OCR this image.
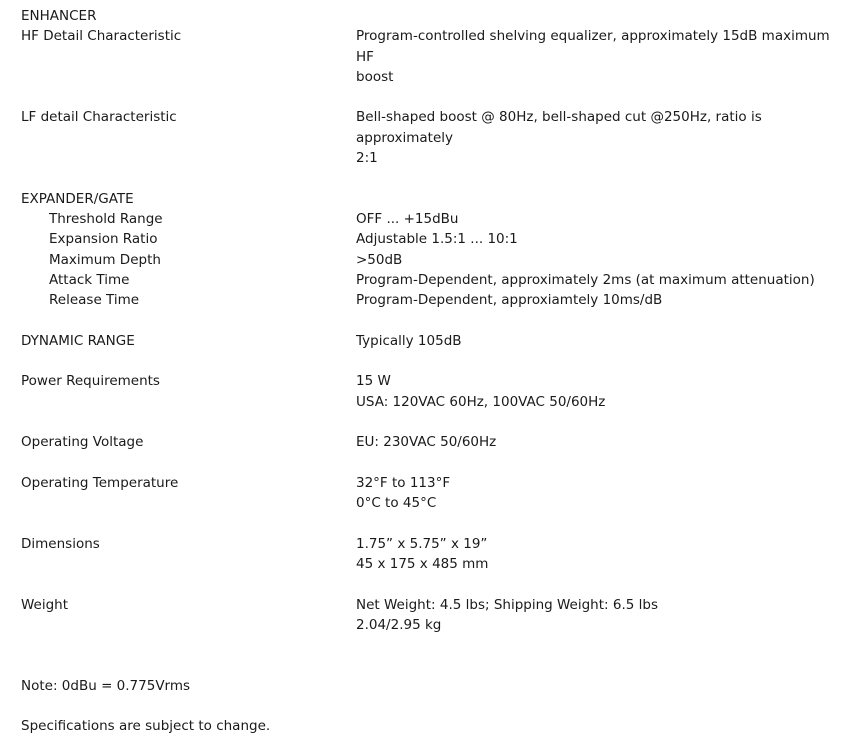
ENHANCER
HF Detail Characteristic	Program-controlled shelving equalizer, approximately 15dB maximum HF
boost
LF detail Characteristic	Bell-shaped boost @ 80Hz, bell-shaped cut @250Hz, ratio is approximately
2:1
EXPANDER/GATE
Threshold Range	OFF ... +15dBu
Expansion Ratio	Adjustable 1.5:1 ... 10:1
Maximum Depth	>50dB
Attack Time	Program-Dependent, approximately 2ms (at maximum attenuation)
Release Time	Program-Dependent, approxiamtely 10ms/dB
DYNAMIC RANGE	Typically 105dB
Power Requirements	15 W
USA: 120VAC 60Hz, 100VAC 50/60Hz
Operating Voltage	EU: 230VAC 50/60Hz
Operating Temperature	32°F to 113°F
0°C to 45°C
Dimensions	1.75” x 5.75” x 19”
45 x 175 x 485 mm
Weight	Net Weight: 4.5 lbs; Shipping Weight: 6.5 lbs
2.04/2.95 kg
Note: 0dBu = 0.775Vrms
Specifications are subject to change.
